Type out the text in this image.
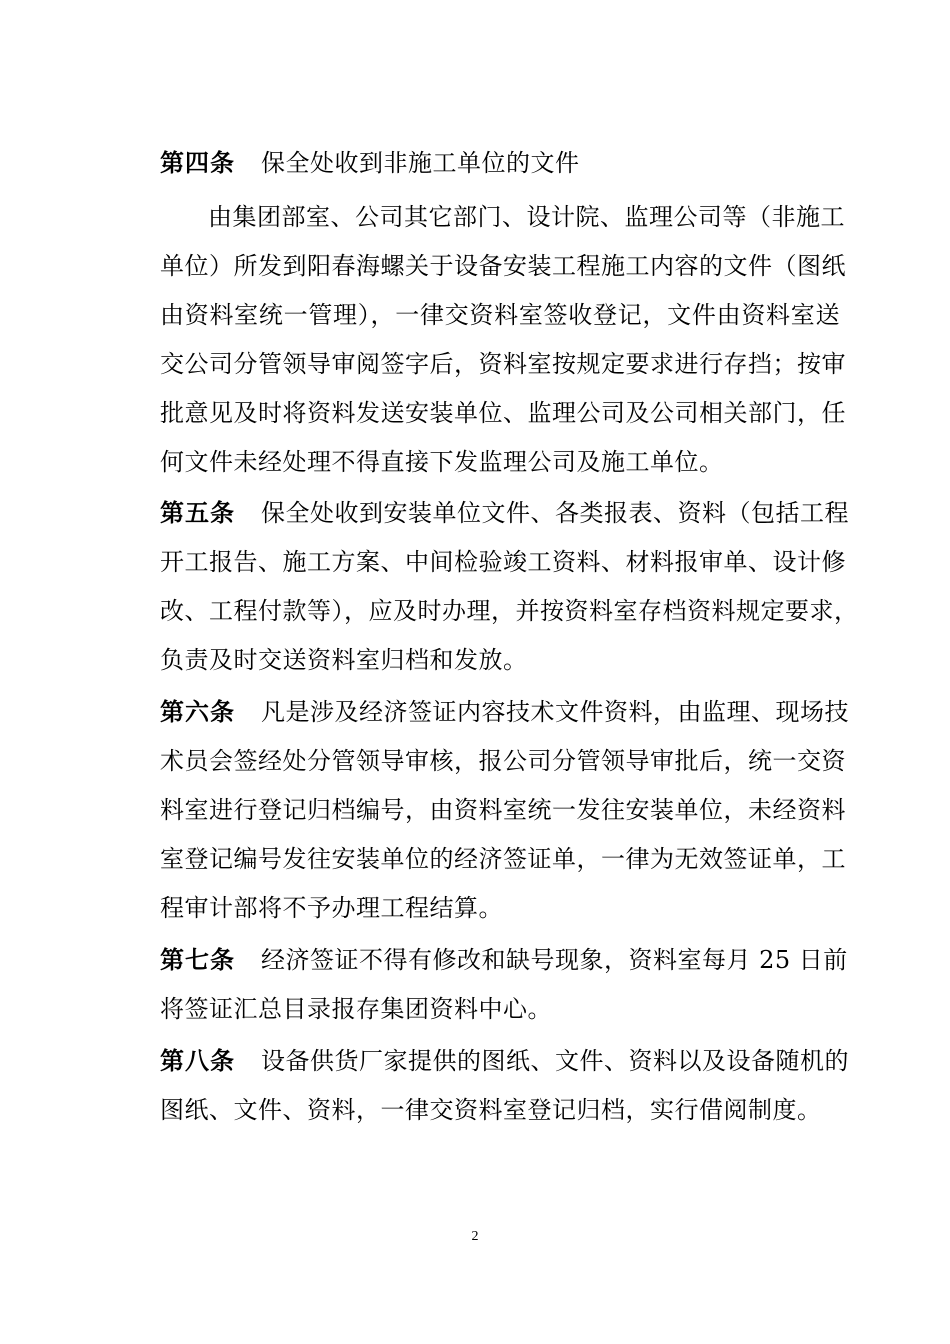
第四条 保全处收到非施工单位的文件
由集团部室、公司其它部门、设计院、监理公司等（非施工
单位）所发到阳春海螺关于设备安装工程施工内容的文件（图纸
由资料室统一管理），一律交资料室签收登记，文件由资料室送
交公司分管领导审阅签字后，资料室按规定要求进行存挡；按审
批意见及时将资料发送安装单位、监理公司及公司相关部门，任
何文件未经处理不得直接下发监理公司及施工单位。
第五条 保全处收到安装单位文件、各类报表、资料（包括工程
开工报告、施工方案、中间检验竣工资料、材料报审单、设计修
改、工程付款等），应及时办理，并按资料室存档资料规定要求，
负责及时交送资料室归档和发放。
第六条 凡是涉及经济签证内容技术文件资料，由监理、现场技
术员会签经处分管领导审核，报公司分管领导审批后，统一交资
料室进行登记归档编号，由资料室统一发往安装单位，未经资料
室登记编号发往安装单位的经济签证单，一律为无效签证单，工
程审计部将不予办理工程结算。
第七条 经济签证不得有修改和缺号现象，资料室每月 25 日前
将签证汇总目录报存集团资料中心。
第八条 设备供货厂家提供的图纸、文件、资料以及设备随机的
图纸、文件、资料，一律交资料室登记归档，实行借阅制度。
2
